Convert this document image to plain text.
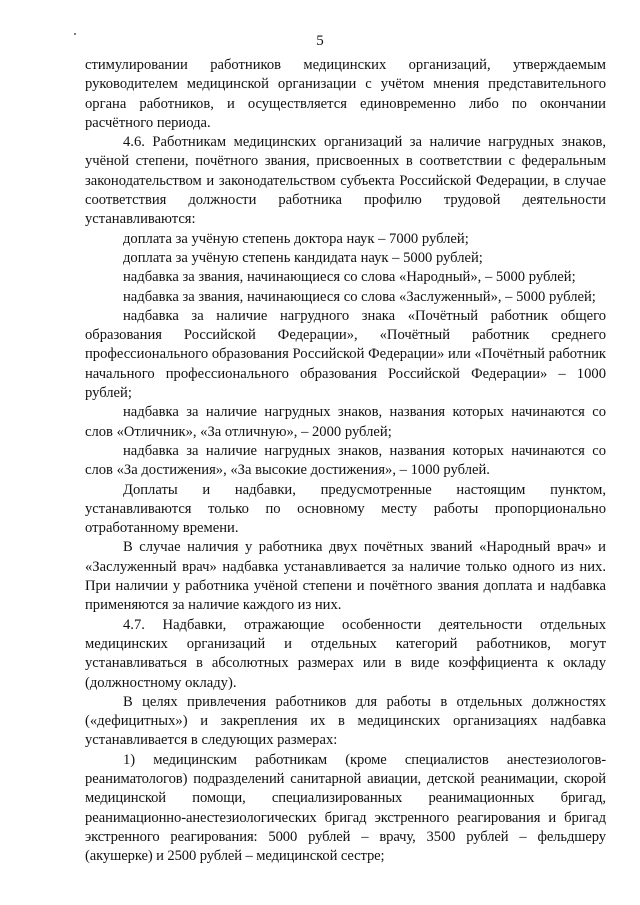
5

стимулировании работников медицинских организаций, утверждаемым руководителем медицинской организации с учётом мнения представительного органа работников, и осуществляется единовременно либо по окончании расчётного периода.

4.6. Работникам медицинских организаций за наличие нагрудных знаков, учёной степени, почётного звания, присвоенных в соответствии с федеральным законодательством и законодательством субъекта Российской Федерации, в случае соответствия должности работника профилю трудовой деятельности устанавливаются:

доплата за учёную степень доктора наук – 7000 рублей;

доплата за учёную степень кандидата наук – 5000 рублей;

надбавка за звания, начинающиеся со слова «Народный», – 5000 рублей;

надбавка за звания, начинающиеся со слова «Заслуженный», – 5000 рублей;

надбавка за наличие нагрудного знака «Почётный работник общего образования Российской Федерации», «Почётный работник среднего профессионального образования Российской Федерации» или «Почётный работник начального профессионального образования Российской Федерации» – 1000 рублей;

надбавка за наличие нагрудных знаков, названия которых начинаются со слов «Отличник», «За отличную», – 2000 рублей;

надбавка за наличие нагрудных знаков, названия которых начинаются со слов «За достижения», «За высокие достижения», – 1000 рублей.

Доплаты и надбавки, предусмотренные настоящим пунктом, устанавливаются только по основному месту работы пропорционально отработанному времени.

В случае наличия у работника двух почётных званий «Народный врач» и «Заслуженный врач» надбавка устанавливается за наличие только одного из них. При наличии у работника учёной степени и почётного звания доплата и надбавка применяются за наличие каждого из них.

4.7. Надбавки, отражающие особенности деятельности отдельных медицинских организаций и отдельных категорий работников, могут устанавливаться в абсолютных размерах или в виде коэффициента к окладу (должностному окладу).

В целях привлечения работников для работы в отдельных должностях («дефицитных») и закрепления их в медицинских организациях надбавка устанавливается в следующих размерах:

1) медицинским работникам (кроме специалистов анестезиологов-реаниматологов) подразделений санитарной авиации, детской реанимации, скорой медицинской помощи, специализированных реанимационных бригад, реанимационно-анестезиологических бригад экстренного реагирования и бригад экстренного реагирования: 5000 рублей – врачу, 3500 рублей – фельдшеру (акушерке) и 2500 рублей – медицинской сестре;
